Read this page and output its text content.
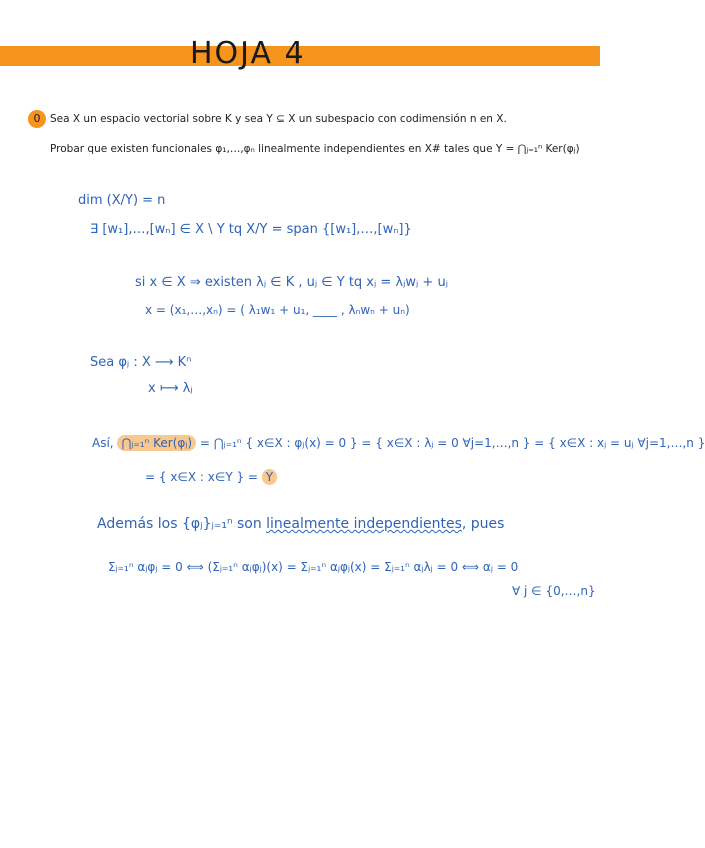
HOJA 4
0 Sea X un espacio vectorial sobre K y sea Y ⊆ X un subespacio con codimensión n en X.
Probar que existen funcionales φ₁,…,φₙ linealmente independientes en X# tales que Y = ⋂ⱼ₌₁ⁿ Ker(φⱼ)
dim (X/Y) = n
∃ [w₁],…,[wₙ] ∈ X \ Y tq X/Y = span {[w₁],…,[wₙ]}
si x ∈ X ⇒ existen λⱼ ∈ K , uⱼ ∈ Y tq xⱼ = λⱼwⱼ + uⱼ
x = (x₁,…,xₙ) = ( λ₁w₁ + u₁, ____ , λₙwₙ + uₙ)
Sea φⱼ : X ⟶ Kⁿ
x ⟼ λⱼ
Así, ⋂ⱼ₌₁ⁿ Ker(φⱼ) = ⋂ⱼ₌₁ⁿ { x∈X : φⱼ(x) = 0 } = { x∈X : λⱼ = 0 ∀j=1,…,n } = { x∈X : xⱼ = uⱼ ∀j=1,…,n }
= { x∈X : x∈Y } = Y
Además los {φⱼ}ⱼ₌₁ⁿ son linealmente independientes, pues
Σⱼ₌₁ⁿ αⱼφⱼ = 0 ⟺ (Σⱼ₌₁ⁿ αⱼφⱼ)(x) = Σⱼ₌₁ⁿ αⱼφⱼ(x) = Σⱼ₌₁ⁿ αⱼλⱼ = 0 ⟺ αⱼ = 0
∀ j ∈ {0,…,n}
